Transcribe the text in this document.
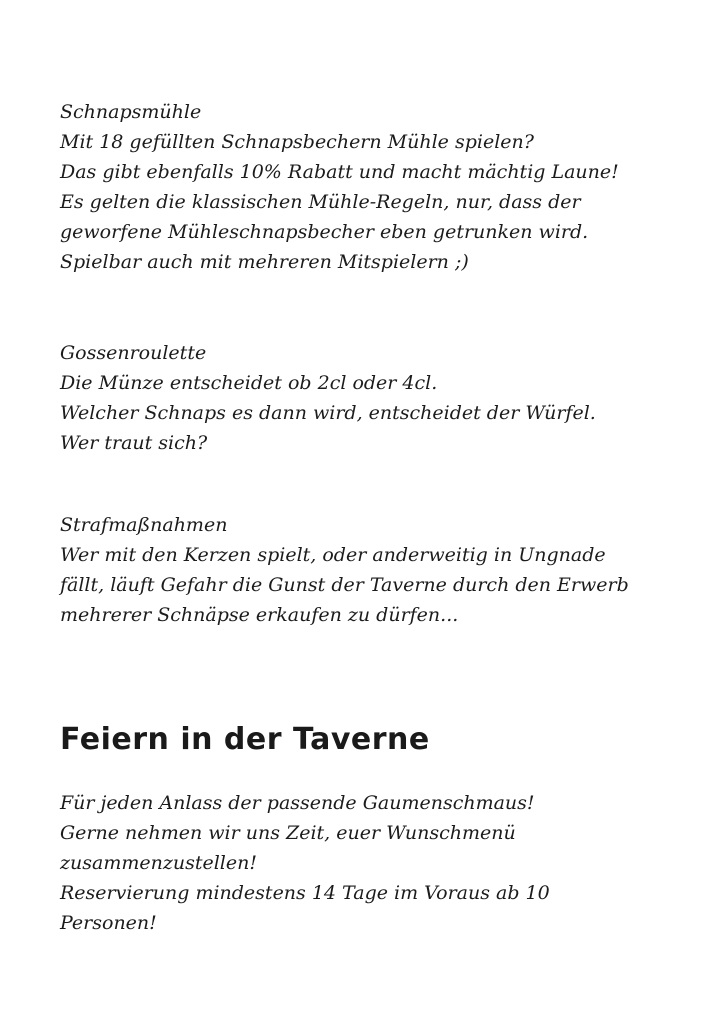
Schnapsmühle
Mit 18 gefüllten Schnapsbechern Mühle spielen?
Das gibt ebenfalls 10% Rabatt und macht mächtig Laune!
Es gelten die klassischen Mühle-Regeln, nur, dass der
geworfene Mühleschnapsbecher eben getrunken wird.
Spielbar auch mit mehreren Mitspielern ;)
Gossenroulette
Die Münze entscheidet ob 2cl oder 4cl.
Welcher Schnaps es dann wird, entscheidet der Würfel.
Wer traut sich?
Strafmaßnahmen
Wer mit den Kerzen spielt, oder anderweitig in Ungnade
fällt, läuft Gefahr die Gunst der Taverne durch den Erwerb
mehrerer Schnäpse erkaufen zu dürfen...
Feiern in der Taverne
Für jeden Anlass der passende Gaumenschmaus!
Gerne nehmen wir uns Zeit, euer Wunschmenü
zusammenzustellen!
Reservierung mindestens 14 Tage im Voraus ab 10
Personen!
